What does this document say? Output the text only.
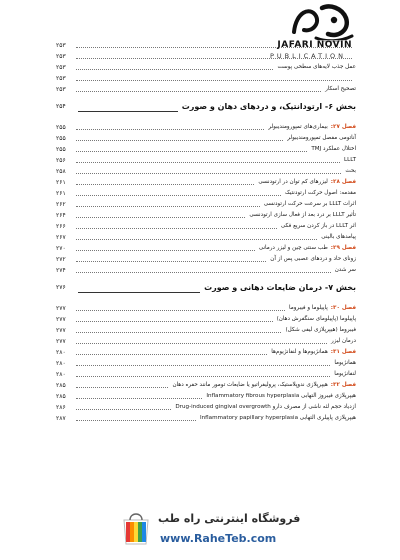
JAFARI NOVIN
PUBLICATION
۲۵۳
۲۵۳
عمل جذب لایه‌های سطحی پوست
۲۵۳
۲۵۳
تصحیح اسکار
۲۵۳
بخش ۶- ارتودانتیک، و دردهای دهان و صورت
۲۵۴
فصل ۲۷:بیماری‌های تمپورومندیبولر
۲۵۵
آناتومی مفصل تمپورومندیبولر
۲۵۵
اختلال عملکرد TMJ
۲۵۵
LLLT
۲۵۶
بحث
۲۵۸
فصل ۲۸:لیزرهای کم توان در ارتودنسی
۲۶۱
مقدمه: اصول حرکت ارتودنتیک
۲۶۱
اثرات LLLT بر سرعت حرکت ارتودنسی
۲۶۲
تأثیر LLLT بر درد بعد از فعال سازی ارتودنسی
۲۶۴
اثر LLLT در باز کردن سریع فکی
۲۶۶
پیامدهای بالینی
۲۶۷
فصل ۲۹:طب سنتی چین و لیزر درمانی
۲۷۰
زونای حاد و دردهای عصبی پس از آن
۲۷۲
سر شدن
۲۷۴
بخش ۷- درمان ضایعات دهانی و صورت
۲۷۶
فصل ۳۰:پاپیلوما و فیبروما
۲۷۷
پاپیلوما (پاپیلومای سنگفرش دهان)
۲۷۷
فیبروما (هیپرپلازی لیفی شکل)
۲۷۷
درمان لیزر
۲۷۷
فصل ۳۱:همانژیوم‌ها و لنفانژیوم‌ها
۲۸۰
همانژیوما
۲۸۰
لنفانژیوما
۲۸۰
فصل ۳۲:هیپرپلازی ندوپلاستیک، پرولیفراتیو یا ضایعات تومور مانند حفره دهان
۲۸۵
هیپرپلازی فیبروز التهابی Inflammatory fibrous hyperplasia
۲۸۵
ازدیاد حجم لثه ناشی از مصرف دارو Drug-induced gingival overgrowth
۲۸۶
هیپرپلازی پاپیلری التهابی Inflammatory papillary hyperplasia
۲۸۷
فروشگاه اینترنتی راه طب
www.RaheTeb.com
